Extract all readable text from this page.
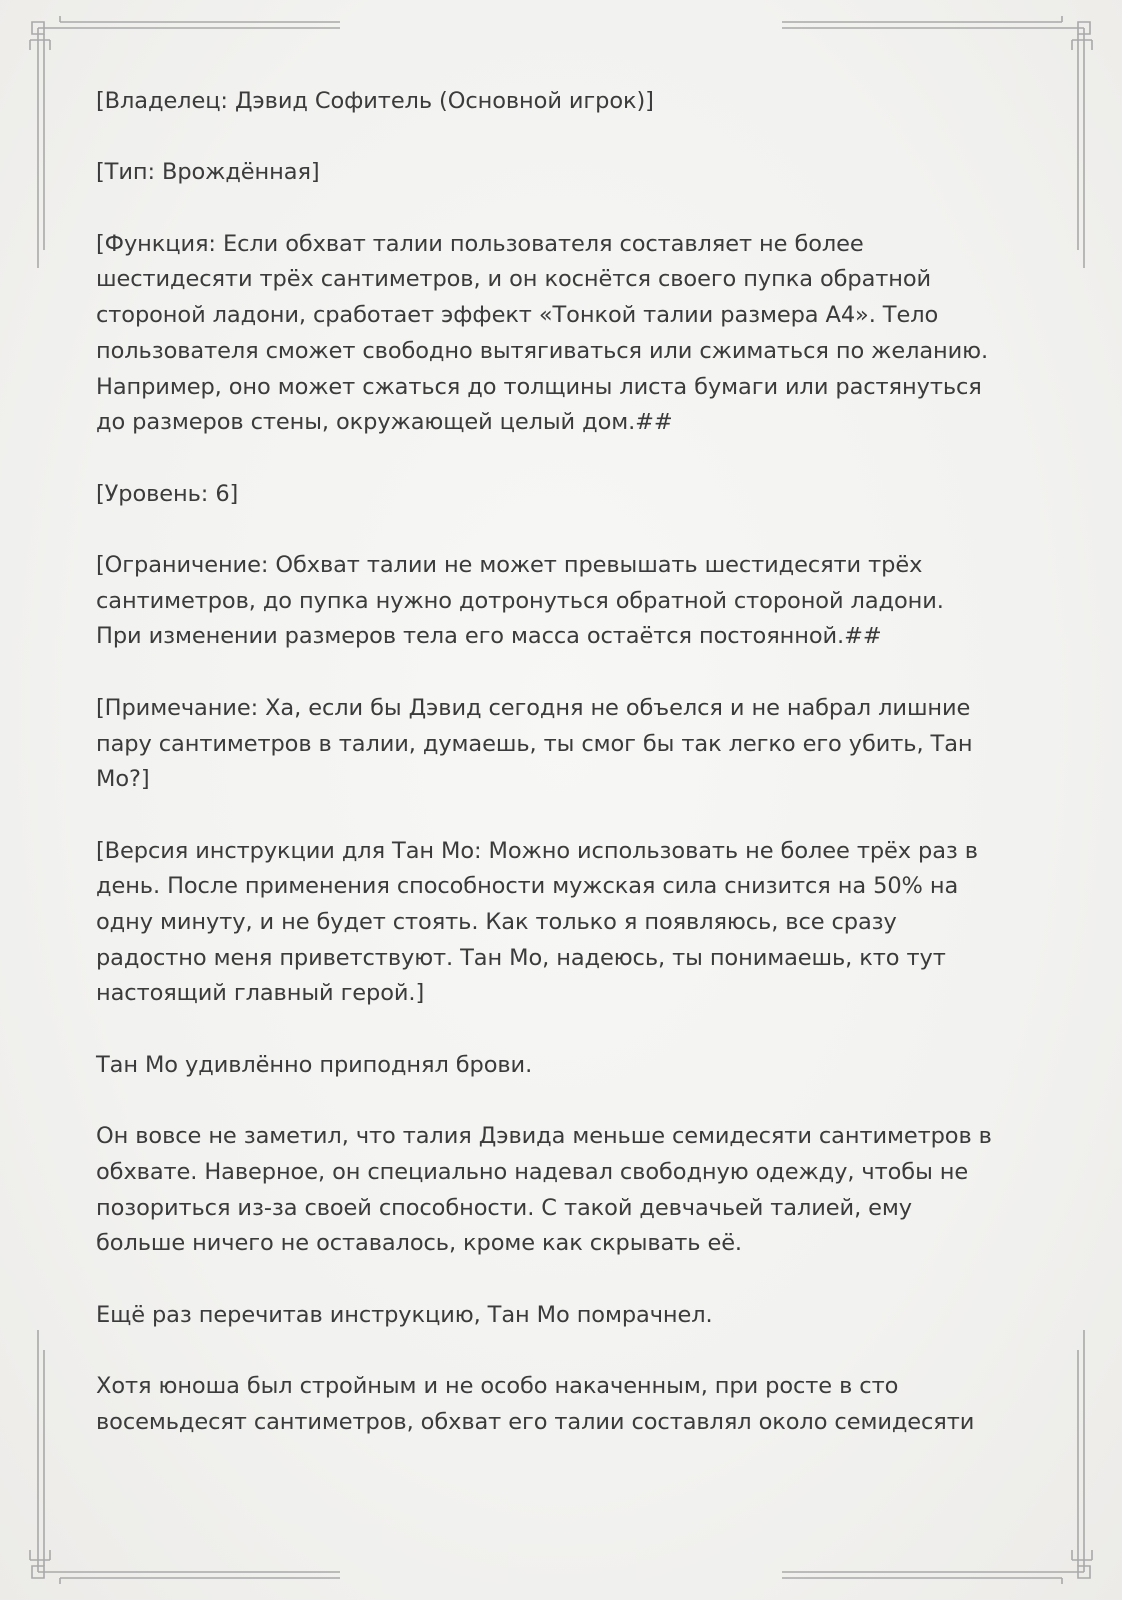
[Владелец: Дэвид Софитель (Основной игрок)]

[Тип: Врождённая]

[Функция: Если обхват талии пользователя составляет не более
шестидесяти трёх сантиметров, и он коснётся своего пупка обратной
стороной ладони, сработает эффект «Тонкой талии размера А4». Тело
пользователя сможет свободно вытягиваться или сжиматься по желанию.
Например, оно может сжаться до толщины листа бумаги или растянуться
до размеров стены, окружающей целый дом.##

[Уровень: 6]

[Ограничение: Обхват талии не может превышать шестидесяти трёх
сантиметров, до пупка нужно дотронуться обратной стороной ладони.
При изменении размеров тела его масса остаётся постоянной.##

[Примечание: Ха, если бы Дэвид сегодня не объелся и не набрал лишние
пару сантиметров в талии, думаешь, ты смог бы так легко его убить, Тан
Мо?]

[Версия инструкции для Тан Мо: Можно использовать не более трёх раз в
день. После применения способности мужская сила снизится на 50% на
одну минуту, и не будет стоять. Как только я появляюсь, все сразу
радостно меня приветствуют. Тан Мо, надеюсь, ты понимаешь, кто тут
настоящий главный герой.]

Тан Мо удивлённо приподнял брови.

Он вовсе не заметил, что талия Дэвида меньше семидесяти сантиметров в
обхвате. Наверное, он специально надевал свободную одежду, чтобы не
позориться из-за своей способности. С такой девчачьей талией, ему
больше ничего не оставалось, кроме как скрывать её.

Ещё раз перечитав инструкцию, Тан Мо помрачнел.

Хотя юноша был стройным и не особо накаченным, при росте в сто
восемьдесят сантиметров, обхват его талии составлял около семидесяти
